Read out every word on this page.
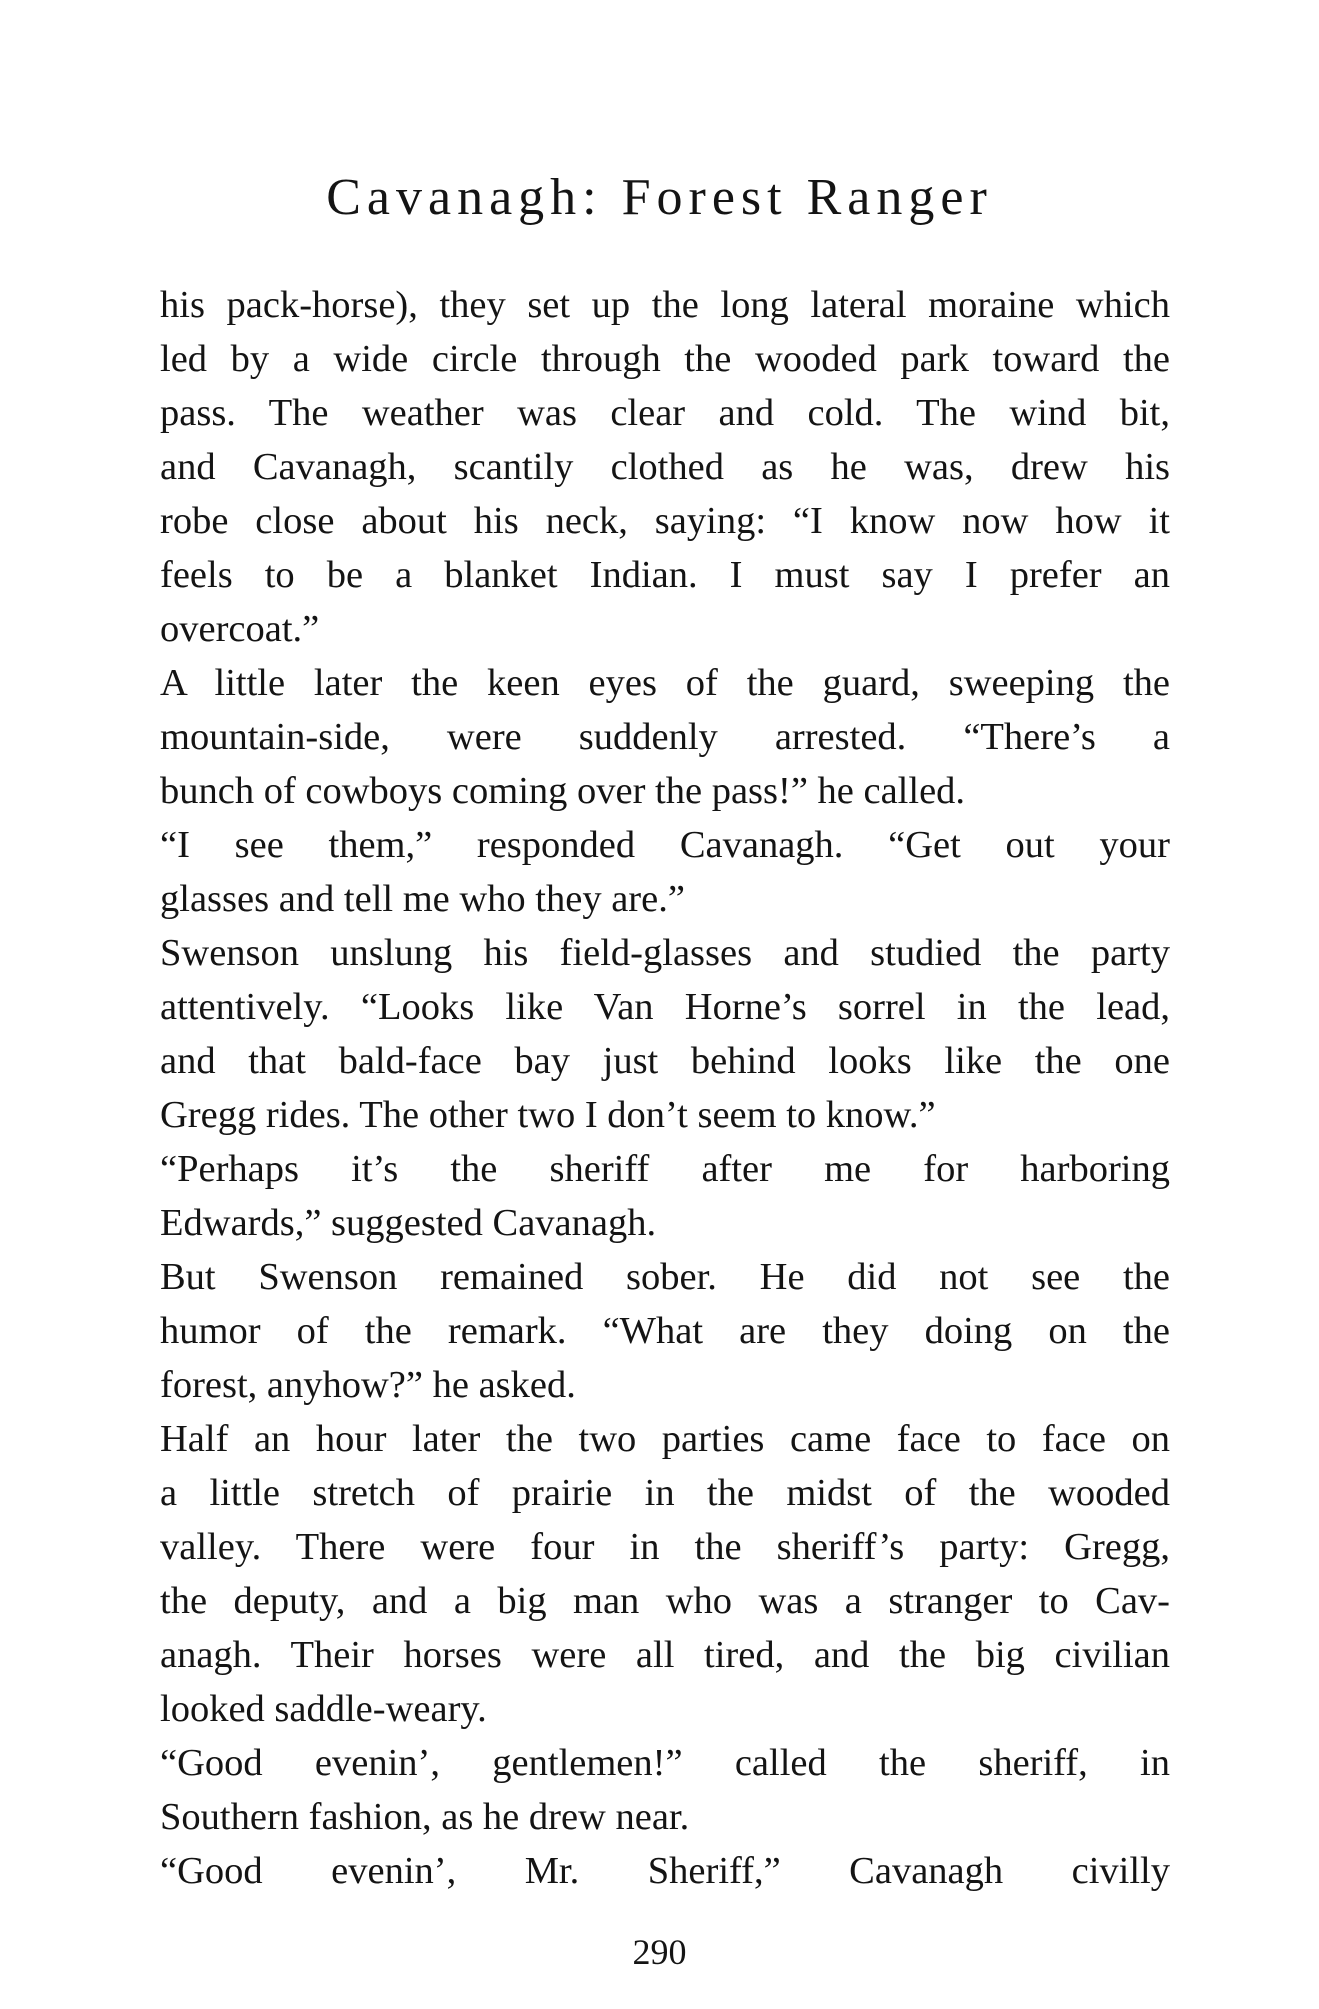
Cavanagh: Forest Ranger
his pack-horse), they set up the long lateral moraine which
led by a wide circle through the wooded park toward the
pass. The weather was clear and cold. The wind bit,
and Cavanagh, scantily clothed as he was, drew his
robe close about his neck, saying: “I know now how it
feels to be a blanket Indian. I must say I prefer an
overcoat.”
A little later the keen eyes of the guard, sweeping the
mountain-side, were suddenly arrested. “There’s a
bunch of cowboys coming over the pass!” he called.
“I see them,” responded Cavanagh. “Get out your
glasses and tell me who they are.”
Swenson unslung his field-glasses and studied the party
attentively. “Looks like Van Horne’s sorrel in the lead,
and that bald-face bay just behind looks like the one
Gregg rides. The other two I don’t seem to know.”
“Perhaps it’s the sheriff after me for harboring
Edwards,” suggested Cavanagh.
But Swenson remained sober. He did not see the
humor of the remark. “What are they doing on the
forest, anyhow?” he asked.
Half an hour later the two parties came face to face on
a little stretch of prairie in the midst of the wooded
valley. There were four in the sheriff’s party: Gregg,
the deputy, and a big man who was a stranger to Cav-
anagh. Their horses were all tired, and the big civilian
looked saddle-weary.
“Good evenin’, gentlemen!” called the sheriff, in
Southern fashion, as he drew near.
“Good evenin’, Mr. Sheriff,” Cavanagh civilly
290
